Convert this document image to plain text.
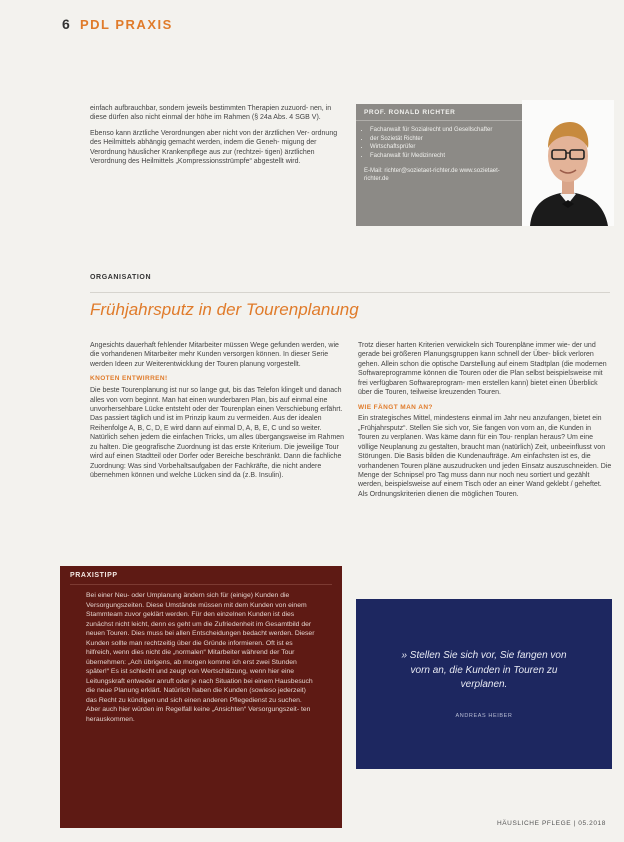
6 PDL PRAXIS

einfach aufbrauchbar, sondern jeweils bestimmten Therapien zuzuord- nen, in diese dürfen also nicht einmal der höhe im Rahmen (§ 24a Abs. 4 SGB V).

Ebenso kann ärztliche Verordnungen aber nicht von der ärztlichen Ver- ordnung des Heilmittels abhängig gemacht werden, indem die Geneh- migung der Verordnung häuslicher Krankenpflege aus zur (rechtzei- tigen) ärztlichen Verordnung des Heilmittels „Kompressionsstrümpfe“ abgestellt wird.

PROF. RONALD RICHTER
• Fachanwalt für Sozialrecht und Gesellschafter
• der Sozietät Richter
• Wirtschaftsprüfer
• Fachanwalt für Medizinrecht
E-Mail: richter@sozietaet-richter.de www.sozietaet-richter.de
ORGANISATION
Frühjahrsputz in der Tourenplanung

Angesichts dauerhaft fehlender Mitarbeiter müssen Wege gefunden werden, wie die vorhandenen Mitarbeiter mehr Kunden versorgen können. In dieser Serie werden Ideen zur Weiterentwicklung der Touren planung vorgestellt.

KNOTEN ENTWIRREN!

Die beste Tourenplanung ist nur so lange gut, bis das Telefon klingelt und danach alles von vorn beginnt. Man hat einen wunderbaren Plan, bis auf einmal eine unvorhersehbare Lücke entsteht oder der Tourenplan einen Verschiebung erfährt. Das passiert täglich und ist im Prinzip kaum zu vermeiden. Aus der idealen Reihenfolge A, B, C, D, E wird dann auf einmal D, A, B, E, C und so weiter. Natürlich sehen jedem die einfachen Tricks, um alles übergangsweise im Rahmen zu halten. Die geografische Zuordnung ist das erste Kriterium. Die jeweilige Tour wird auf einen Stadtteil oder Dorfer oder Bereiche beschränkt. Dann die fachliche Zuordnung: Was sind Vorbehaltsaufgaben der Fachkräfte, die nicht andere übernehmen können und welche Lücken sind da (z.B. Insulin).

Trotz dieser harten Kriterien verwickeln sich Tourenpläne immer wie- der und gerade bei größeren Planungsgruppen kann schnell der Über- blick verloren gehen. Allein schon die optische Darstellung auf einem Stadtplan (die modernen Softwareprogramme können die Touren oder die Plan selbst beispielsweise mit frei verfügbaren Softwareprogram- men erstellen kann) bietet einen Überblick über die Touren, teilweise kreuzenden Touren.

WIE FÄNGT MAN AN?

Ein strategisches Mittel, mindestens einmal im Jahr neu anzufangen, bietet ein „Frühjahrsputz“. Stellen Sie sich vor, Sie fangen von vorn an, die Kunden in Touren zu verplanen. Was käme dann für ein Tou- renplan heraus? Um eine völlige Neuplanung zu gestalten, braucht man (natürlich) Zeit, unbeeinflusst von Störungen. Die Basis bilden die Kundenaufträge. Am einfachsten ist es, die vorhandenen Touren pläne auszudrucken und jeden Einsatz auszuschneiden. Die Menge der Schnipsel pro Tag muss dann nur noch neu sortiert und gezählt werden, beispielsweise auf einem Tisch oder an einer Wand geklebt / geheftet. Als Ordnungskriterien dienen die möglichen Touren.

PRAXISTIPP
Bei einer Neu- oder Umplanung ändern sich für (einige) Kunden die Versorgungszeiten. Diese Umstände müssen mit dem Kunden von einem Stammteam zuvor geklärt werden. Für den einzelnen Kunden ist dies zunächst nicht leicht, denn es geht um die Zufriedenheit im Gesamtbild der neuen Touren. Dies muss bei allen Entscheidungen bedacht werden. Dieser Kunden sollte man rechtzeitig über die Gründe informieren. Oft ist es hilfreich, wenn dies nicht die „normalen“ Mitarbeiter während der Tour übernehmen: „Ach übrigens, ab morgen komme ich erst zwei Stunden später!“ Es ist schlecht und zeugt von Wertschätzung, wenn hier eine Leitungskraft entweder anruft oder je nach Situation bei einem Hausbesuch die neue Planung erklärt. Natürlich haben die Kunden (sowieso jederzeit) das Recht zu kündigen und sich einen anderen Pflegedienst zu suchen. Aber auch hier würden im Regelfall keine „Ansichten“ Versorgungszeit- ten herauskommen.
» Stellen Sie sich vor, Sie fangen von vorn an, die Kunden in Touren zu verplanen.
ANDREAS HEIBER
HÄUSLICHE PFLEGE | 05.2018
